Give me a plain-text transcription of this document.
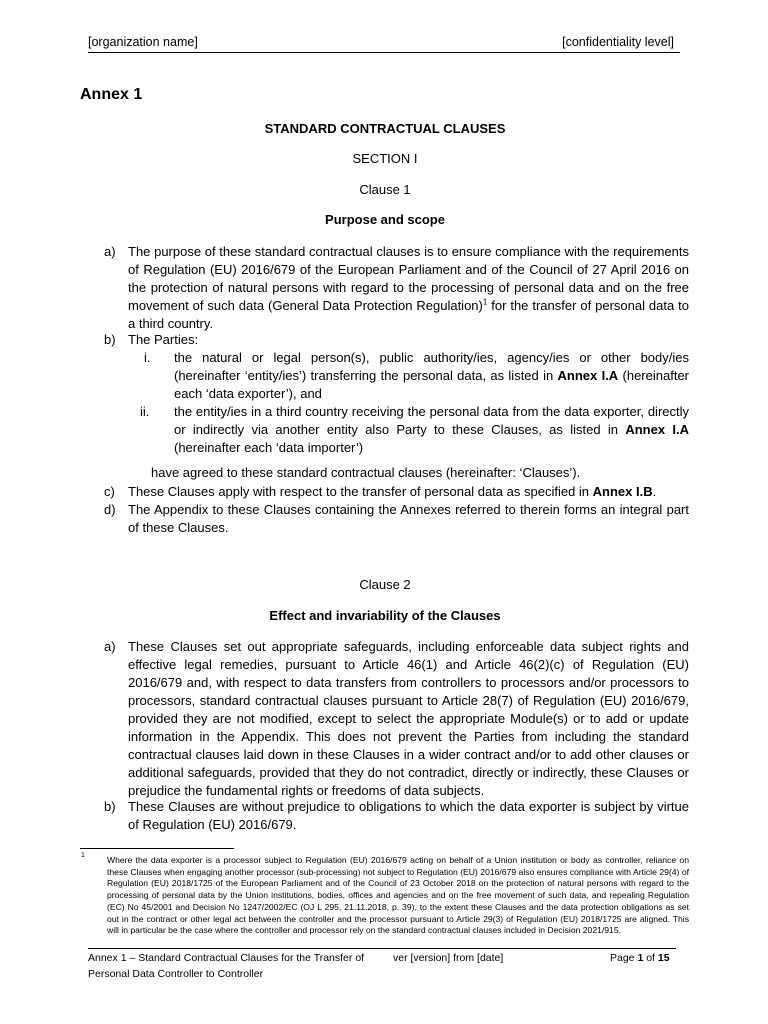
[organization name]	[confidentiality level]
Annex 1
STANDARD CONTRACTUAL CLAUSES
SECTION I
Clause 1
Purpose and scope
a) The purpose of these standard contractual clauses is to ensure compliance with the requirements of Regulation (EU) 2016/679 of the European Parliament and of the Council of 27 April 2016 on the protection of natural persons with regard to the processing of personal data and on the free movement of such data (General Data Protection Regulation)$^1$ for the transfer of personal data to a third country.
b) The Parties:
i. the natural or legal person(s), public authority/ies, agency/ies or other body/ies (hereinafter ‘entity/ies’) transferring the personal data, as listed in Annex I.A (hereinafter each ‘data exporter’), and
ii. the entity/ies in a third country receiving the personal data from the data exporter, directly or indirectly via another entity also Party to these Clauses, as listed in Annex I.A (hereinafter each ‘data importer’)
have agreed to these standard contractual clauses (hereinafter: ‘Clauses’).
c) These Clauses apply with respect to the transfer of personal data as specified in Annex I.B.
d) The Appendix to these Clauses containing the Annexes referred to therein forms an integral part of these Clauses.
Clause 2
Effect and invariability of the Clauses
a) These Clauses set out appropriate safeguards, including enforceable data subject rights and effective legal remedies, pursuant to Article 46(1) and Article 46(2)(c) of Regulation (EU) 2016/679 and, with respect to data transfers from controllers to processors and/or processors to processors, standard contractual clauses pursuant to Article 28(7) of Regulation (EU) 2016/679, provided they are not modified, except to select the appropriate Module(s) or to add or update information in the Appendix. This does not prevent the Parties from including the standard contractual clauses laid down in these Clauses in a wider contract and/or to add other clauses or additional safeguards, provided that they do not contradict, directly or indirectly, these Clauses or prejudice the fundamental rights or freedoms of data subjects.
b) These Clauses are without prejudice to obligations to which the data exporter is subject by virtue of Regulation (EU) 2016/679.
1	Where the data exporter is a processor subject to Regulation (EU) 2016/679 acting on behalf of a Union institution or body as controller, reliance on these Clauses when engaging another processor (sub-processing) not subject to Regulation (EU) 2016/679 also ensures compliance with Article 29(4) of Regulation (EU) 2018/1725 of the European Parliament and of the Council of 23 October 2018 on the protection of natural persons with regard to the processing of personal data by the Union institutions, bodies, offices and agencies and on the free movement of such data, and repealing Regulation (EC) No 45/2001 and Decision No 1247/2002/EC (OJ L 295, 21.11.2018, p. 39), to the extent these Clauses and the data protection obligations as set out in the contract or other legal act between the controller and the processor pursuant to Article 29(3) of Regulation (EU) 2018/1725 are aligned. This will in particular be the case where the controller and processor rely on the standard contractual clauses included in Decision 2021/915.
Annex 1 – Standard Contractual Clauses for the Transfer of
Personal Data Controller to Controller
ver [version] from [date]	Page 1 of 15
